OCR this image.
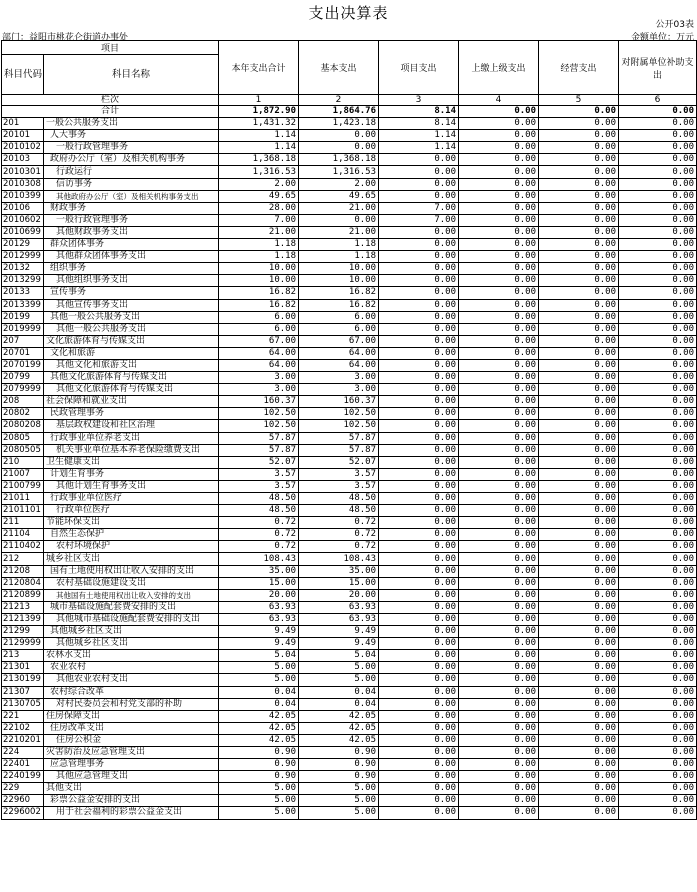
支出决算表
公开03表
部门：益阳市桃花仑街道办事处	金额单位：万元
项目		本年支出合计	基本支出	项目支出	上缴上级支出	经营支出	对附属单位补助支出
科目代码	科目名称						
栏次		1	2	3	4	5	6
合计		1,872.90	1,864.76	8.14	0.00	0.00	0.00
201	一般公共服务支出	1,431.32	1,423.18	8.14	0.00	0.00	0.00
20101	人大事务	1.14	0.00	1.14	0.00	0.00	0.00
2010102	一般行政管理事务	1.14	0.00	1.14	0.00	0.00	0.00
20103	政府办公厅（室）及相关机构事务	1,368.18	1,368.18	0.00	0.00	0.00	0.00
2010301	行政运行	1,316.53	1,316.53	0.00	0.00	0.00	0.00
2010308	信访事务	2.00	2.00	0.00	0.00	0.00	0.00
2010399	其他政府办公厅（室）及相关机构事务支出	49.65	49.65	0.00	0.00	0.00	0.00
20106	财政事务	28.00	21.00	7.00	0.00	0.00	0.00
2010602	一般行政管理事务	7.00	0.00	7.00	0.00	0.00	0.00
2010699	其他财政事务支出	21.00	21.00	0.00	0.00	0.00	0.00
20129	群众团体事务	1.18	1.18	0.00	0.00	0.00	0.00
2012999	其他群众团体事务支出	1.18	1.18	0.00	0.00	0.00	0.00
20132	组织事务	10.00	10.00	0.00	0.00	0.00	0.00
2013299	其他组织事务支出	10.00	10.00	0.00	0.00	0.00	0.00
20133	宣传事务	16.82	16.82	0.00	0.00	0.00	0.00
2013399	其他宣传事务支出	16.82	16.82	0.00	0.00	0.00	0.00
20199	其他一般公共服务支出	6.00	6.00	0.00	0.00	0.00	0.00
2019999	其他一般公共服务支出	6.00	6.00	0.00	0.00	0.00	0.00
207	文化旅游体育与传媒支出	67.00	67.00	0.00	0.00	0.00	0.00
20701	文化和旅游	64.00	64.00	0.00	0.00	0.00	0.00
2070199	其他文化和旅游支出	64.00	64.00	0.00	0.00	0.00	0.00
20799	其他文化旅游体育与传媒支出	3.00	3.00	0.00	0.00	0.00	0.00
2079999	其他文化旅游体育与传媒支出	3.00	3.00	0.00	0.00	0.00	0.00
208	社会保障和就业支出	160.37	160.37	0.00	0.00	0.00	0.00
20802	民政管理事务	102.50	102.50	0.00	0.00	0.00	0.00
2080208	基层政权建设和社区治理	102.50	102.50	0.00	0.00	0.00	0.00
20805	行政事业单位养老支出	57.87	57.87	0.00	0.00	0.00	0.00
2080505	机关事业单位基本养老保险缴费支出	57.87	57.87	0.00	0.00	0.00	0.00
210	卫生健康支出	52.07	52.07	0.00	0.00	0.00	0.00
21007	计划生育事务	3.57	3.57	0.00	0.00	0.00	0.00
2100799	其他计划生育事务支出	3.57	3.57	0.00	0.00	0.00	0.00
21011	行政事业单位医疗	48.50	48.50	0.00	0.00	0.00	0.00
2101101	行政单位医疗	48.50	48.50	0.00	0.00	0.00	0.00
211	节能环保支出	0.72	0.72	0.00	0.00	0.00	0.00
21104	自然生态保护	0.72	0.72	0.00	0.00	0.00	0.00
2110402	农村环境保护	0.72	0.72	0.00	0.00	0.00	0.00
212	城乡社区支出	108.43	108.43	0.00	0.00	0.00	0.00
21208	国有土地使用权出让收入安排的支出	35.00	35.00	0.00	0.00	0.00	0.00
2120804	农村基础设施建设支出	15.00	15.00	0.00	0.00	0.00	0.00
2120899	其他国有土地使用权出让收入安排的支出	20.00	20.00	0.00	0.00	0.00	0.00
21213	城市基础设施配套费安排的支出	63.93	63.93	0.00	0.00	0.00	0.00
2121399	其他城市基础设施配套费安排的支出	63.93	63.93	0.00	0.00	0.00	0.00
21299	其他城乡社区支出	9.49	9.49	0.00	0.00	0.00	0.00
2129999	其他城乡社区支出	9.49	9.49	0.00	0.00	0.00	0.00
213	农林水支出	5.04	5.04	0.00	0.00	0.00	0.00
21301	农业农村	5.00	5.00	0.00	0.00	0.00	0.00
2130199	其他农业农村支出	5.00	5.00	0.00	0.00	0.00	0.00
21307	农村综合改革	0.04	0.04	0.00	0.00	0.00	0.00
2130705	对村民委员会和村党支部的补助	0.04	0.04	0.00	0.00	0.00	0.00
221	住房保障支出	42.05	42.05	0.00	0.00	0.00	0.00
22102	住房改革支出	42.05	42.05	0.00	0.00	0.00	0.00
2210201	住房公积金	42.05	42.05	0.00	0.00	0.00	0.00
224	灾害防治及应急管理支出	0.90	0.90	0.00	0.00	0.00	0.00
22401	应急管理事务	0.90	0.90	0.00	0.00	0.00	0.00
2240199	其他应急管理支出	0.90	0.90	0.00	0.00	0.00	0.00
229	其他支出	5.00	5.00	0.00	0.00	0.00	0.00
22960	彩票公益金安排的支出	5.00	5.00	0.00	0.00	0.00	0.00
2296002	用于社会福利的彩票公益金支出	5.00	5.00	0.00	0.00	0.00	0.00
